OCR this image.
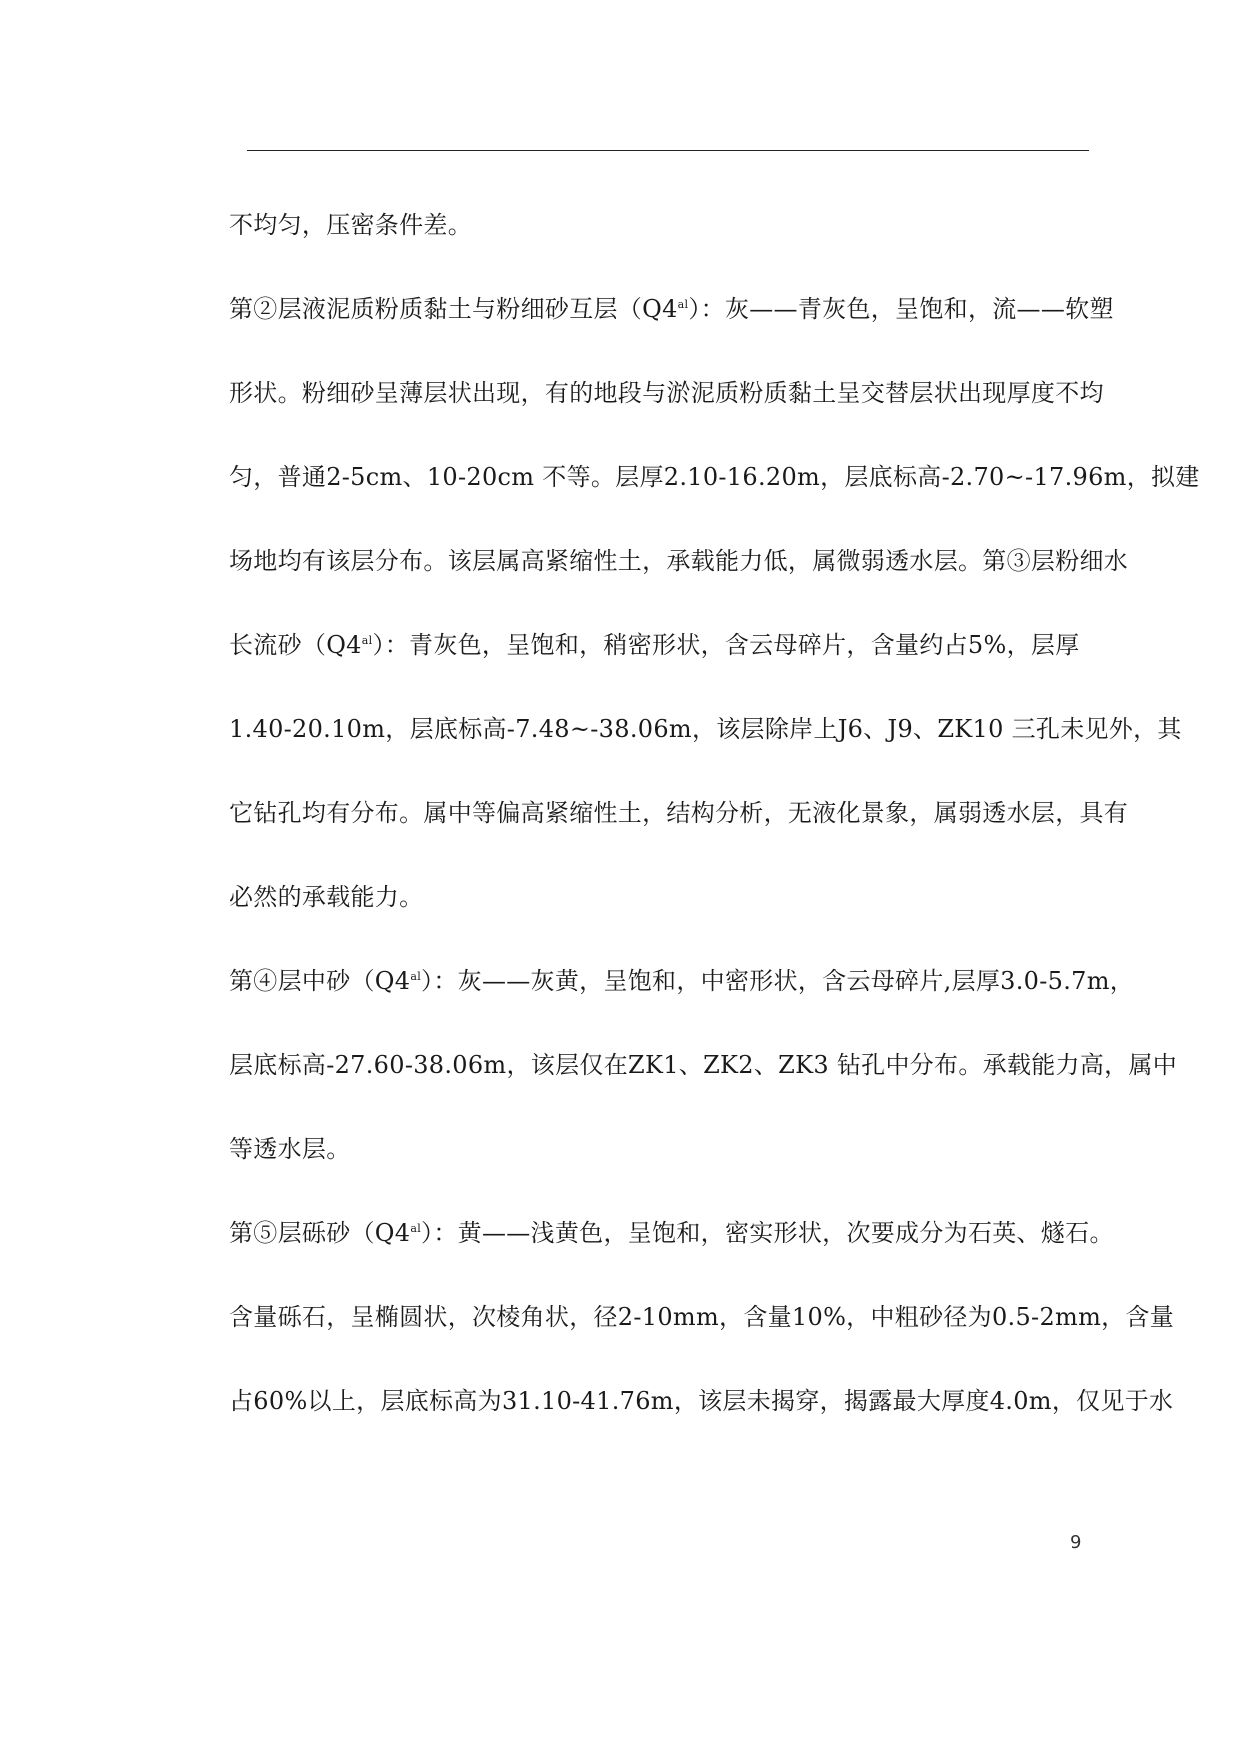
不均匀，压密条件差。
第②层液泥质粉质黏土与粉细砂互层$(Q4^{al})$：灰——青灰色，呈饱和，流——软塑
形状。粉细砂呈薄层状出现，有的地段与淤泥质粉质黏土呈交替层状出现厚度不均
匀，普通2-5cm、10-20cm 不等。层厚2.10-16.20m，层底标高-2.70~-17.96m，拟建
场地均有该层分布。该层属高紧缩性土，承载能力低，属微弱透水层。第③层粉细水
长流砂$(Q4^{al})$：青灰色，呈饱和，稍密形状，含云母碎片，含量约占5%，层厚
1.40-20.10m，层底标高-7.48~-38.06m，该层除岸上J6、J9、ZK10 三孔未见外，其
它钻孔均有分布。属中等偏高紧缩性土，结构分析，无液化景象，属弱透水层，具有
必然的承载能力。
第④层中砂$(Q4^{al})$：灰——灰黄，呈饱和，中密形状，含云母碎片,层厚3.0-5.7m，
层底标高-27.60-38.06m，该层仅在ZK1、ZK2、ZK3 钻孔中分布。承载能力高，属中
等透水层。
第⑤层砾砂$(Q4^{al})$：黄——浅黄色，呈饱和，密实形状，次要成分为石英、燧石。
含量砾石，呈椭圆状，次棱角状，径2-10mm，含量10%，中粗砂径为0.5-2mm，含量
占60%以上，层底标高为31.10-41.76m，该层未揭穿，揭露最大厚度4.0m，仅见于水
9
